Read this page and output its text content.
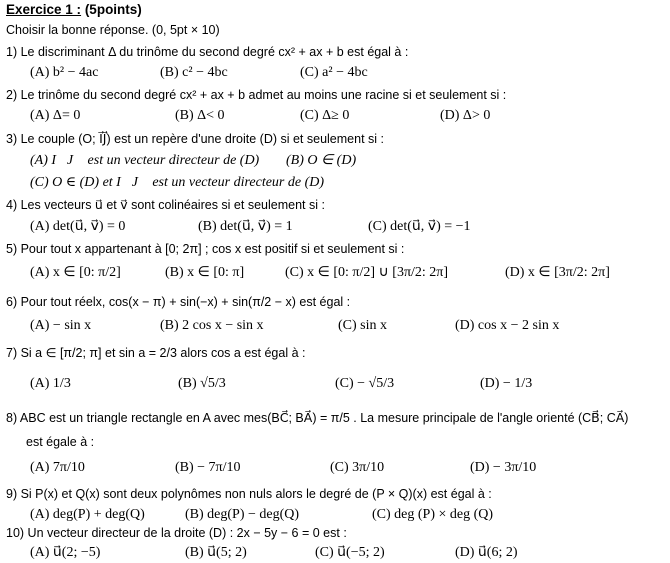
Exercice 1 : (5points)
Choisir la bonne réponse. (0, 5pt × 10)
1) Le discriminant Δ du trinôme du second degré cx² + ax + b est égal à :
(A) b² − 4ac	(B) c² − 4bc	(C) a² − 4bc
2) Le trinôme du second degré cx² + ax + b admet au moins une racine si et seulement si :
(A) Δ= 0	(B) Δ< 0	(C) Δ≥ 0	(D) Δ> 0
3) Le couple (O; I⃗J⃗) est un repère d'une droite (D) si et seulement si :
(A) I⃗J⃗ est un vecteur directeur de (D) (B) O ∈ (D)
(C) O ∈ (D) et I⃗J⃗ est un vecteur directeur de (D)
4) Les vecteurs u⃗ et v⃗ sont colinéaires si et seulement si :
(A) det(u⃗, v⃗) = 0	(B) det(u⃗, v⃗) = 1	(C) det(u⃗, v⃗) = −1
5) Pour tout x appartenant à [0; 2π] ; cos x est positif si et seulement si :
(A) x ∈ [0: π/2]	(B) x ∈ [0: π]	(C) x ∈ [0: π/2] ∪ [3π/2: 2π]	(D) x ∈ [3π/2: 2π]
6) Pour tout réelx, cos(x − π) + sin(−x) + sin(π/2 − x) est égal :
(A) − sin x	(B) 2 cos x − sin x	(C) sin x	(D) cos x − 2 sin x
7) Si a ∈ [π/2; π] et sin a = 2/3 alors cos a est égal à :
(A) 1/3	(B) √5/3	(C) − √5/3	(D) − 1/3
8) ABC est un triangle rectangle en A avec mes(BC⃗; BA⃗) = π/5 . La mesure principale de l'angle orienté (CB⃗; CA⃗)
est égale à :
(A) 7π/10	(B) − 7π/10	(C) 3π/10	(D) − 3π/10
9) Si P(x) et Q(x) sont deux polynômes non nuls alors le degré de (P × Q)(x) est égal à :
(A) deg(P) + deg(Q)	(B) deg(P) − deg(Q)	(C) deg (P) × deg (Q)
10) Un vecteur directeur de la droite (D) : 2x − 5y − 6 = 0 est :
(A) u⃗(2; −5)	(B) u⃗(5; 2)	(C) u⃗(−5; 2)	(D) u⃗(6; 2)
